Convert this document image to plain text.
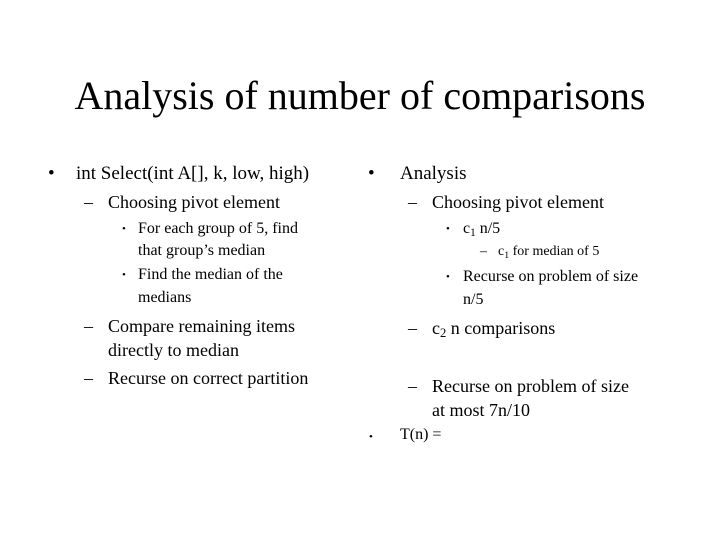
Analysis of number of comparisons
• int Select(int A[], k, low, high)
– Choosing pivot element
• For each group of 5, find
that group’s median
• Find the median of the
medians
– Compare remaining items
directly to median
– Recurse on correct partition
• Analysis
– Choosing pivot element
• $c_1$ n/5
– $c_1$ for median of 5
• Recurse on problem of size
n/5
– $c_2$ n comparisons
– Recurse on problem of size
at most 7n/10
• T(n) =
